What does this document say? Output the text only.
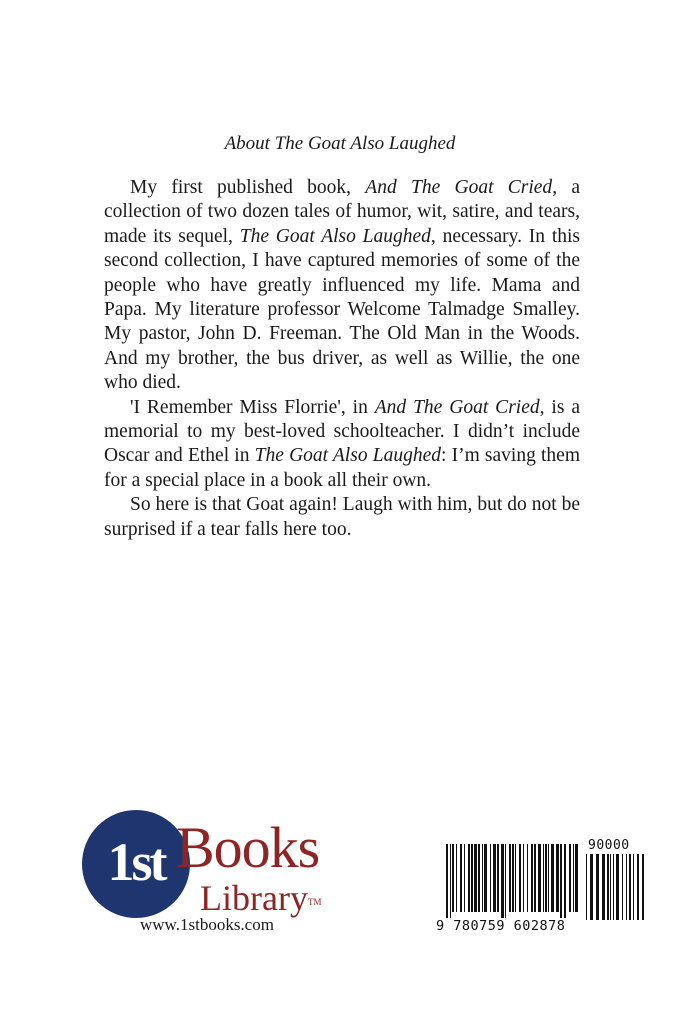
About The Goat Also Laughed

My first published book, And The Goat Cried, a collection of two dozen tales of humor, wit, satire, and tears, made its sequel, The Goat Also Laughed, necessary. In this second collection, I have captured memories of some of the people who have greatly influenced my life. Mama and Papa. My literature professor Welcome Talmadge Smalley. My pastor, John D. Freeman. The Old Man in the Woods. And my brother, the bus driver, as well as Willie, the one who died.

'I Remember Miss Florrie', in And The Goat Cried, is a memorial to my best-loved schoolteacher. I didn’t include Oscar and Ethel in The Goat Also Laughed: I’m saving them for a special place in a book all their own.

So here is that Goat again! Laugh with him, but do not be surprised if a tear falls here too.

1st Books
Library™
www.1stbooks.com	9 780759 602878
90000
